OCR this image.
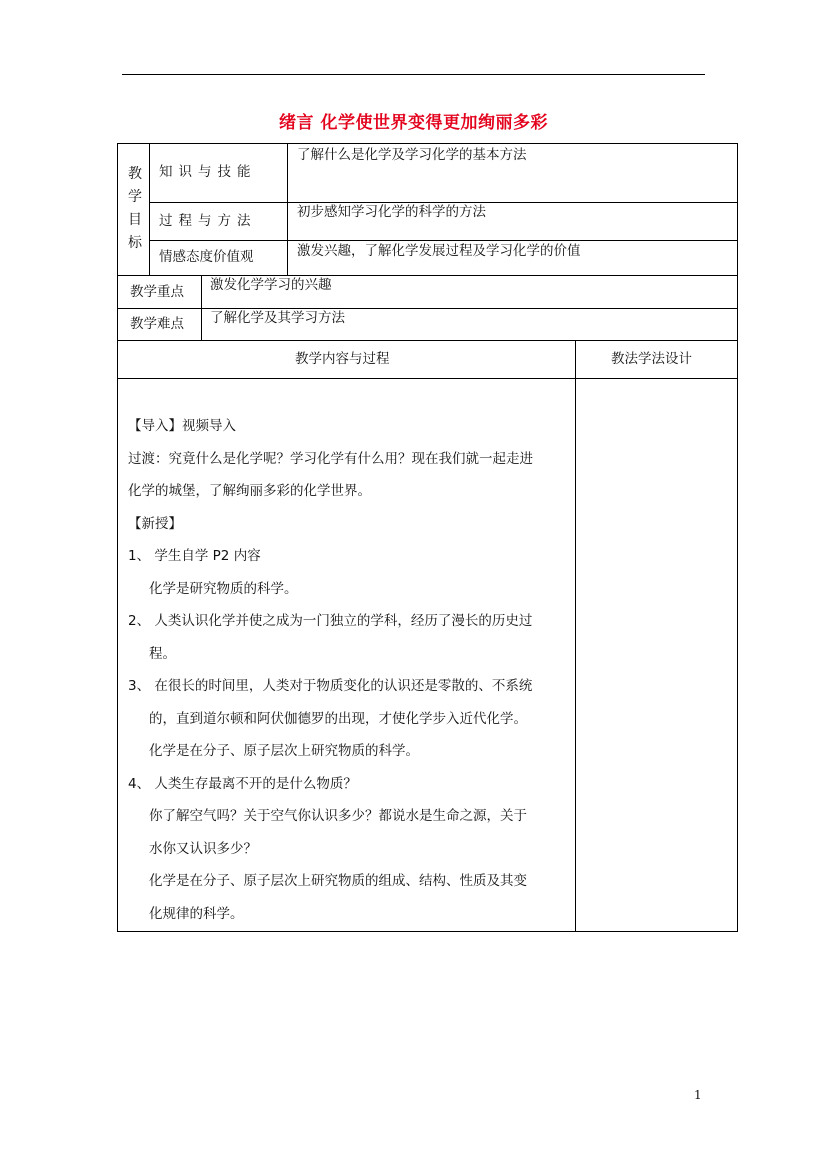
绪言 化学使世界变得更加绚丽多彩
教学目标
知识与技能
了解什么是化学及学习化学的基本方法
过程与方法
初步感知学习化学的科学的方法
情感态度价值观	激发兴趣，了解化学发展过程及学习化学的价值
教学重点 激发化学学习的兴趣
教学难点 了解化学及其学习方法
教学内容与过程	教法学法设计

【导入】视频导入

过渡：究竟什么是化学呢？学习化学有什么用？现在我们就一起走进

化学的城堡，了解绚丽多彩的化学世界。

【新授】

1、 学生自学 P2 内容

化学是研究物质的科学。

2、 人类认识化学并使之成为一门独立的学科，经历了漫长的历史过

程。

3、 在很长的时间里，人类对于物质变化的认识还是零散的、不系统

的，直到道尔顿和阿伏伽德罗的出现，才使化学步入近代化学。

化学是在分子、原子层次上研究物质的科学。

4、 人类生存最离不开的是什么物质？

你了解空气吗？关于空气你认识多少？都说水是生命之源，关于

水你又认识多少？

化学是在分子、原子层次上研究物质的组成、结构、性质及其变

化规律的科学。

1
